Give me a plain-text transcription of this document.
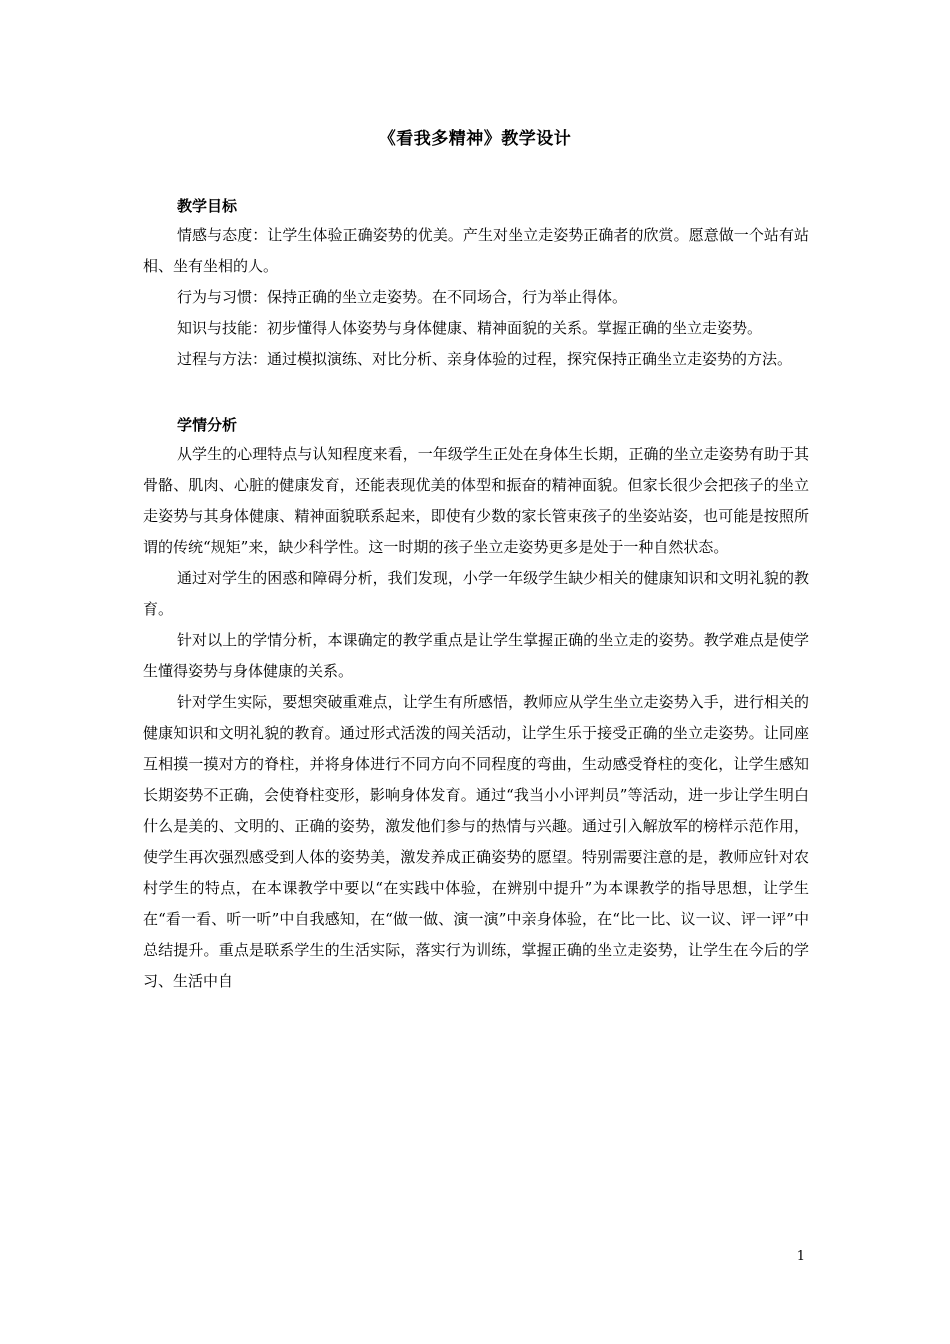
《看我多精神》教学设计

教学目标

情感与态度：让学生体验正确姿势的优美。产生对坐立走姿势正确者的欣赏。愿意做一个站有站相、坐有坐相的人。

行为与习惯：保持正确的坐立走姿势。在不同场合，行为举止得体。

知识与技能：初步懂得人体姿势与身体健康、精神面貌的关系。掌握正确的坐立走姿势。

过程与方法：通过模拟演练、对比分析、亲身体验的过程，探究保持正确坐立走姿势的方法。

学情分析

从学生的心理特点与认知程度来看，一年级学生正处在身体生长期，正确的坐立走姿势有助于其骨骼、肌肉、心脏的健康发育，还能表现优美的体型和振奋的精神面貌。但家长很少会把孩子的坐立走姿势与其身体健康、精神面貌联系起来，即使有少数的家长管束孩子的坐姿站姿，也可能是按照所谓的传统“规矩”来，缺少科学性。这一时期的孩子坐立走姿势更多是处于一种自然状态。

通过对学生的困惑和障碍分析，我们发现，小学一年级学生缺少相关的健康知识和文明礼貌的教育。

针对以上的学情分析，本课确定的教学重点是让学生掌握正确的坐立走的姿势。教学难点是使学生懂得姿势与身体健康的关系。

针对学生实际，要想突破重难点，让学生有所感悟，教师应从学生坐立走姿势入手，进行相关的健康知识和文明礼貌的教育。通过形式活泼的闯关活动，让学生乐于接受正确的坐立走姿势。让同座互相摸一摸对方的脊柱，并将身体进行不同方向不同程度的弯曲，生动感受脊柱的变化，让学生感知长期姿势不正确，会使脊柱变形，影响身体发育。通过“我当小小评判员”等活动，进一步让学生明白什么是美的、文明的、正确的姿势，激发他们参与的热情与兴趣。通过引入解放军的榜样示范作用，使学生再次强烈感受到人体的姿势美，激发养成正确姿势的愿望。特别需要注意的是，教师应针对农村学生的特点，在本课教学中要以“在实践中体验，在辨别中提升”为本课教学的指导思想，让学生在“看一看、听一听”中自我感知，在“做一做、演一演”中亲身体验，在“比一比、议一议、评一评”中总结提升。重点是联系学生的生活实际，落实行为训练，掌握正确的坐立走姿势，让学生在今后的学习、生活中自

1
